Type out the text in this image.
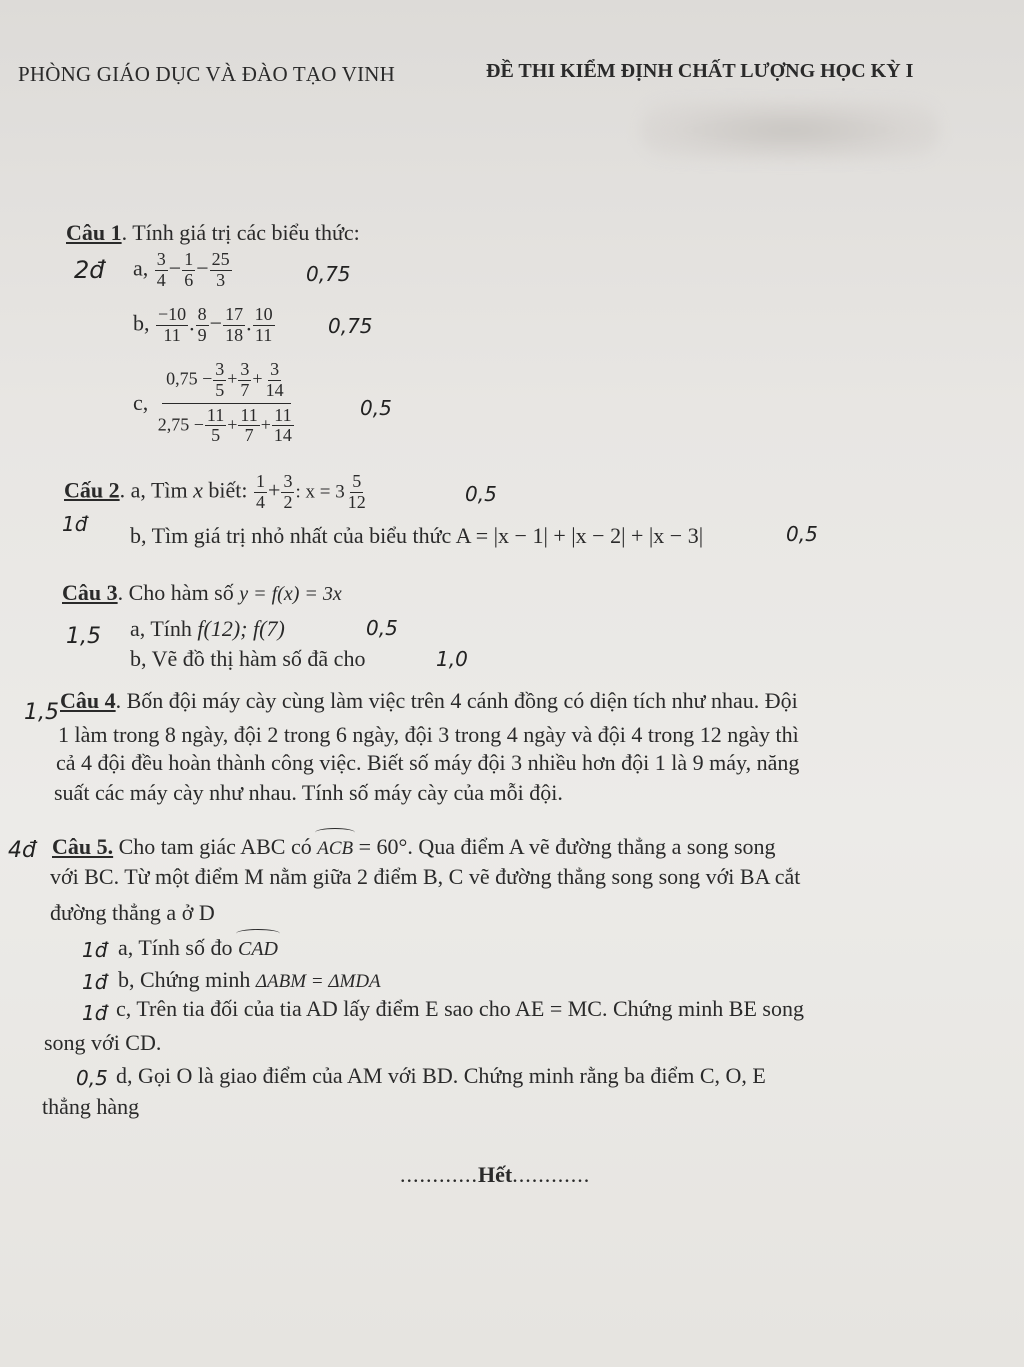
PHÒNG GIÁO DỤC VÀ ĐÀO TẠO VINH	ĐỀ THI KIỂM ĐỊNH CHẤT LƯỢNG HỌC KỲ I
Câu 1. Tính giá trị các biểu thức:
2đ a, $\frac{3}{4} - \frac{1}{6} - \frac{25}{3}$	0,75
b, $\frac{-10}{11}$ . $\frac{8}{9} - \frac{17}{18}$ . $\frac{10}{11}$	0,75
c, $\frac{0,75 - \frac{3}{5} + \frac{3}{7} + \frac{3}{14}}{2,75 - \frac{11}{5} + \frac{11}{7} + \frac{11}{14}}$	0,5
Cấu 2. a, Tìm x biết: $\frac{1}{4} + \frac{3}{2}$ : $x = 3 \frac{5}{12}$	0,5
1đ b, Tìm giá trị nhỏ nhất của biểu thức A = |x − 1| + |x − 2| + |x − 3|	0,5
Câu 3. Cho hàm số y = f(x) = 3x
1,5 a, Tính f(12); f(7)	0,5
b, Vẽ đồ thị hàm số đã cho	1,0
1,5 Câu 4. Bốn đội máy cày cùng làm việc trên 4 cánh đồng có diện tích như nhau. Đội
1 làm trong 8 ngày, đội 2 trong 6 ngày, đội 3 trong 4 ngày và đội 4 trong 12 ngày thì
cả 4 đội đều hoàn thành công việc. Biết số máy đội 3 nhiều hơn đội 1 là 9 máy, năng
suất các máy cày như nhau. Tính số máy cày của mỗi đội.
4đ Câu 5. Cho tam giác ABC có ACB = 60°. Qua điểm A vẽ đường thẳng a song song
với BC. Từ một điểm M nằm giữa 2 điểm B, C vẽ đường thẳng song song với BA cắt
đường thẳng a ở D
1đ a, Tính số đo CAD
1đ b, Chứng minh ΔABM = ΔMDA
1đ c, Trên tia đối của tia AD lấy điểm E sao cho AE = MC. Chứng minh BE song
song với CD.
0,5 d, Gọi O là giao điểm của AM với BD. Chứng minh rằng ba điểm C, O, E
thẳng hàng
............Hết............
